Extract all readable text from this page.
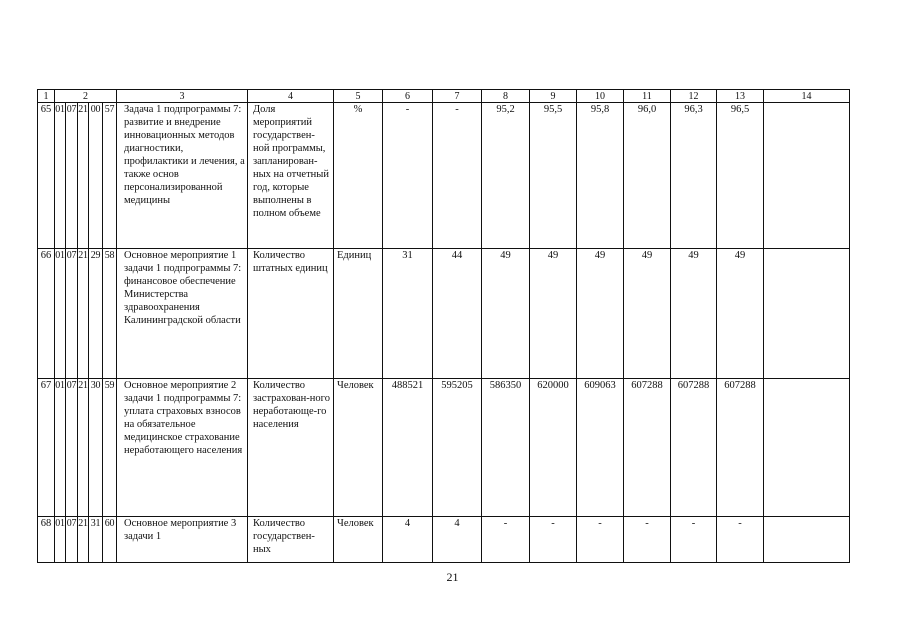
1	2					3	4	5	6	7	8	9	10	11	12	13	14
65	01	07	21	00	57	Задача 1 подпрограммы 7: развитие и внедрение инновационных методов диагностики, профилактики и лечения, а также основ персонализированной медицины	Доля мероприятий государствен-ной программы, запланирован-ных на отчетный год, которые выполнены в полном объеме	%	-	-	95,2	95,5	95,8	96,0	96,3	96,5	
66	01	07	21	29	58	Основное мероприятие 1 задачи 1 подпрограммы 7: финансовое обеспечение Министерства здравоохранения Калининградской области	Количество штатных единиц	Единиц	31	44	49	49	49	49	49	49	
67	01	07	21	30	59	Основное мероприятие 2 задачи 1 подпрограммы 7: уплата страховых взносов на обязательное медицинское страхование неработающего населения	Количество застрахован-ного неработающе-го населения	Человек	488521	595205	586350	620000	609063	607288	607288	607288	
68	01	07	21	31	60	Основное мероприятие 3 задачи 1	Количество государствен-ных	Человек	4	4	-	-	-	-	-	-	
21
